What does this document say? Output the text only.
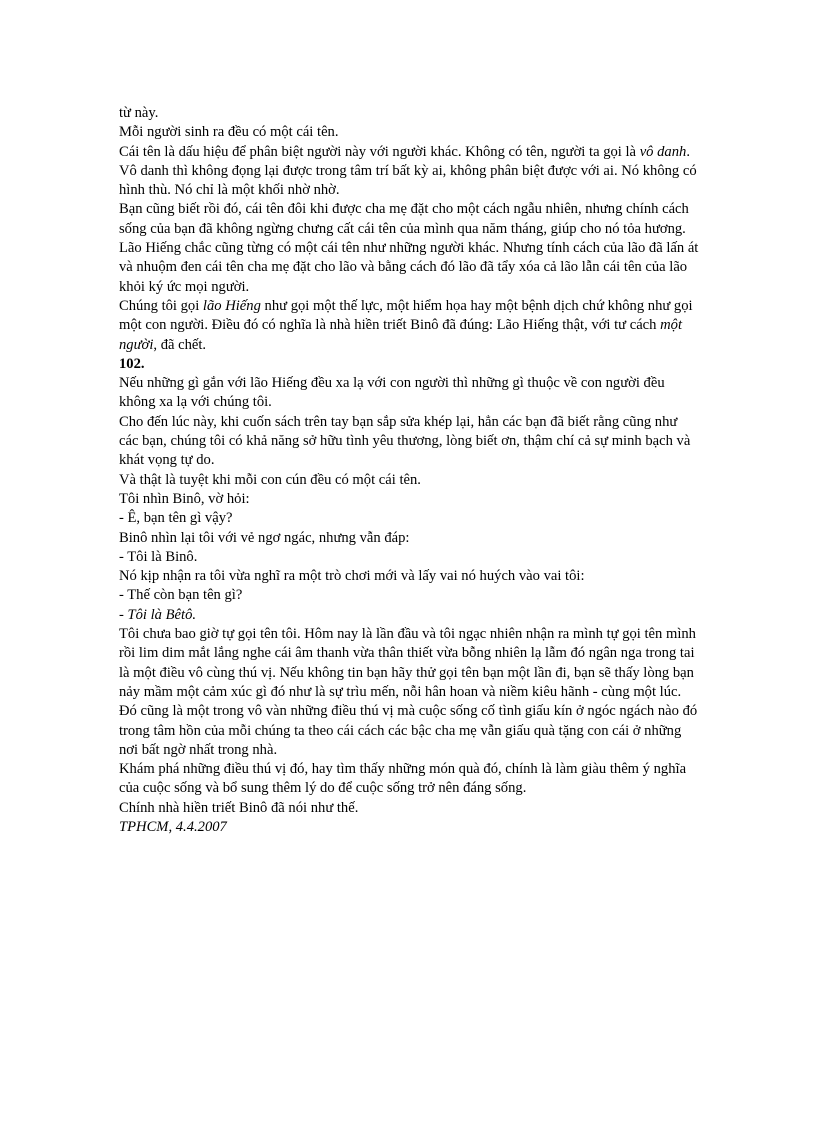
từ này.

Mỗi người sinh ra đều có một cái tên.

Cái tên là dấu hiệu để phân biệt người này với người khác. Không có tên, người ta gọi là vô danh. Vô danh thì không đọng lại được trong tâm trí bất kỳ ai, không phân biệt được với ai. Nó không có hình thù. Nó chỉ là một khối nhờ nhờ.

Bạn cũng biết rồi đó, cái tên đôi khi được cha mẹ đặt cho một cách ngẫu nhiên, nhưng chính cách sống của bạn đã không ngừng chưng cất cái tên của mình qua năm tháng, giúp cho nó tỏa hương.

Lão Hiếng chắc cũng từng có một cái tên như những người khác. Nhưng tính cách của lão đã lấn át và nhuộm đen cái tên cha mẹ đặt cho lão và bằng cách đó lão đã tẩy xóa cả lão lẫn cái tên của lão khỏi ký ức mọi người.

Chúng tôi gọi lão Hiếng như gọi một thế lực, một hiểm họa hay một bệnh dịch chứ không như gọi một con người. Điều đó có nghĩa là nhà hiền triết Binô đã đúng: Lão Hiếng thật, với tư cách một người, đã chết.

102.

Nếu những gì gắn với lão Hiếng đều xa lạ với con người thì những gì thuộc về con người đều không xa lạ với chúng tôi.

Cho đến lúc này, khi cuốn sách trên tay bạn sắp sửa khép lại, hẳn các bạn đã biết rằng cũng như các bạn, chúng tôi có khả năng sở hữu tình yêu thương, lòng biết ơn, thậm chí cả sự minh bạch và khát vọng tự do.

Và thật là tuyệt khi mỗi con cún đều có một cái tên.

Tôi nhìn Binô, vờ hỏi:

- Ê, bạn tên gì vậy?

Binô nhìn lại tôi với vẻ ngơ ngác, nhưng vẫn đáp:

- Tôi là Binô.

Nó kịp nhận ra tôi vừa nghĩ ra một trò chơi mới và lấy vai nó huých vào vai tôi:

- Thế còn bạn tên gì?

- Tôi là Bêtô.

Tôi chưa bao giờ tự gọi tên tôi. Hôm nay là lần đầu và tôi ngạc nhiên nhận ra mình tự gọi tên mình rồi lim dim mắt lắng nghe cái âm thanh vừa thân thiết vừa bỗng nhiên lạ lẫm đó ngân nga trong tai là một điều vô cùng thú vị. Nếu không tin bạn hãy thử gọi tên bạn một lần đi, bạn sẽ thấy lòng bạn nảy mầm một cảm xúc gì đó như là sự trìu mến, nỗi hân hoan và niềm kiêu hãnh - cùng một lúc.

Đó cũng là một trong vô vàn những điều thú vị mà cuộc sống cố tình giấu kín ở ngóc ngách nào đó trong tâm hồn của mỗi chúng ta theo cái cách các bậc cha mẹ vẫn giấu quà tặng con cái ở những nơi bất ngờ nhất trong nhà.

Khám phá những điều thú vị đó, hay tìm thấy những món quà đó, chính là làm giàu thêm ý nghĩa của cuộc sống và bổ sung thêm lý do để cuộc sống trở nên đáng sống.

Chính nhà hiền triết Binô đã nói như thế.

TPHCM, 4.4.2007
